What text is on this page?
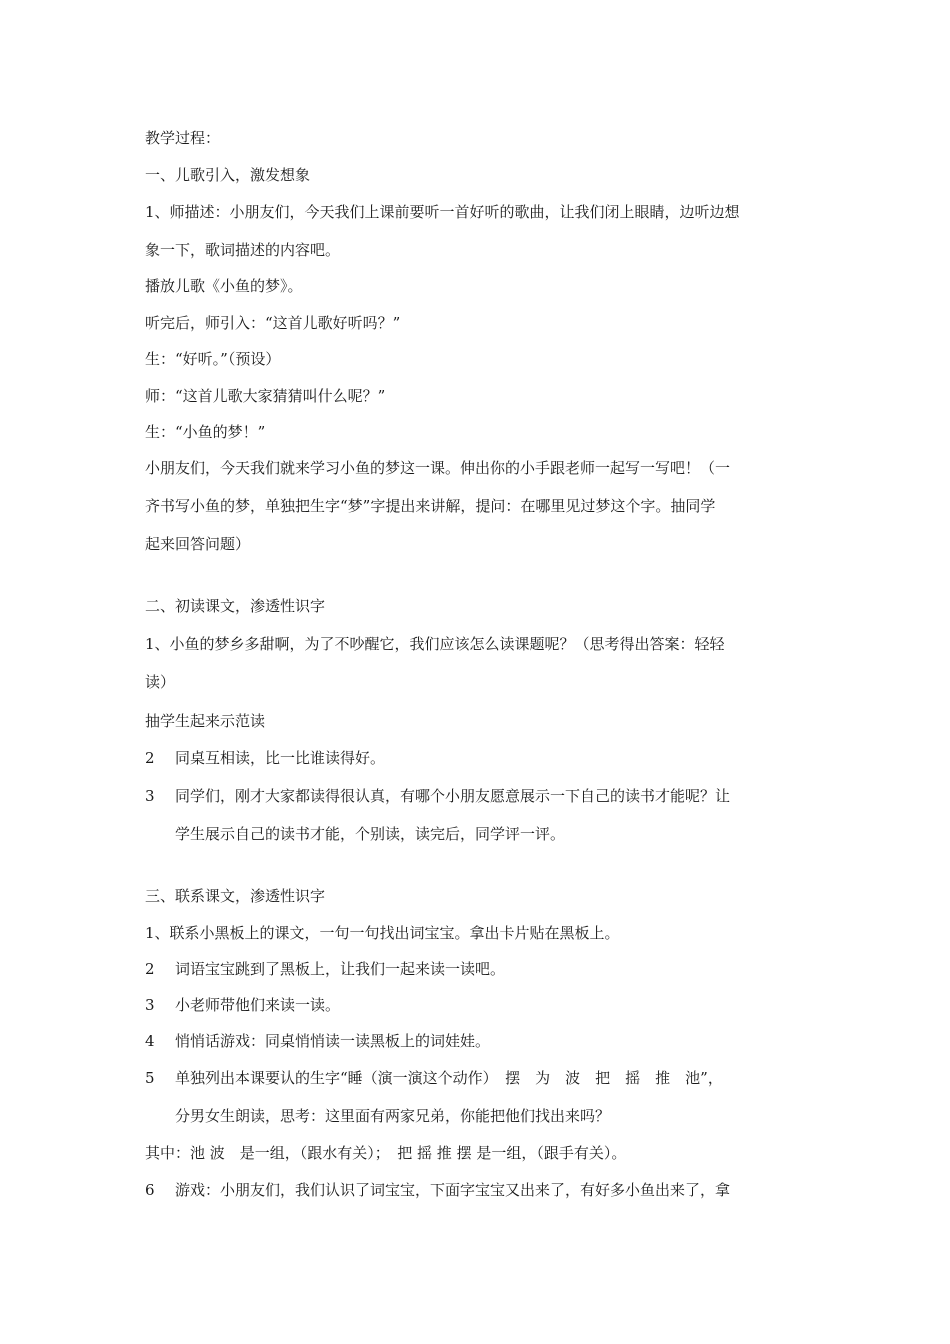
教学过程：
一、儿歌引入，激发想象
1、师描述：小朋友们，今天我们上课前要听一首好听的歌曲，让我们闭上眼睛，边听边想
象一下，歌词描述的内容吧。
播放儿歌《小鱼的梦》。
听完后，师引入：“这首儿歌好听吗？”
生：“好听。”（预设）
师：“这首儿歌大家猜猜叫什么呢？”
生：“小鱼的梦！”
小朋友们，今天我们就来学习小鱼的梦这一课。伸出你的小手跟老师一起写一写吧！（一
齐书写小鱼的梦，单独把生字“梦”字提出来讲解，提问：在哪里见过梦这个字。抽同学
起来回答问题）
二、初读课文，渗透性识字
1、小鱼的梦乡多甜啊，为了不吵醒它，我们应该怎么读课题呢？（思考得出答案：轻轻
读）
抽学生起来示范读
2 同桌互相读，比一比谁读得好。
3 同学们，刚才大家都读得很认真，有哪个小朋友愿意展示一下自己的读书才能呢？让
学生展示自己的读书才能，个别读，读完后，同学评一评。
三、联系课文，渗透性识字
1、联系小黑板上的课文，一句一句找出词宝宝。拿出卡片贴在黑板上。
2 词语宝宝跳到了黑板上，让我们一起来读一读吧。
3 小老师带他们来读一读。
4 悄悄话游戏：同桌悄悄读一读黑板上的词娃娃。
5 单独列出本课要认的生字“睡（演一演这个动作）　摆　为　波　把　摇　推　池”，
分男女生朗读，思考：这里面有两家兄弟，你能把他们找出来吗？
其中：池 波　是一组，（跟水有关）；　把 摇 推 摆 是一组，（跟手有关）。
6 游戏：小朋友们，我们认识了词宝宝，下面字宝宝又出来了，有好多小鱼出来了，拿
